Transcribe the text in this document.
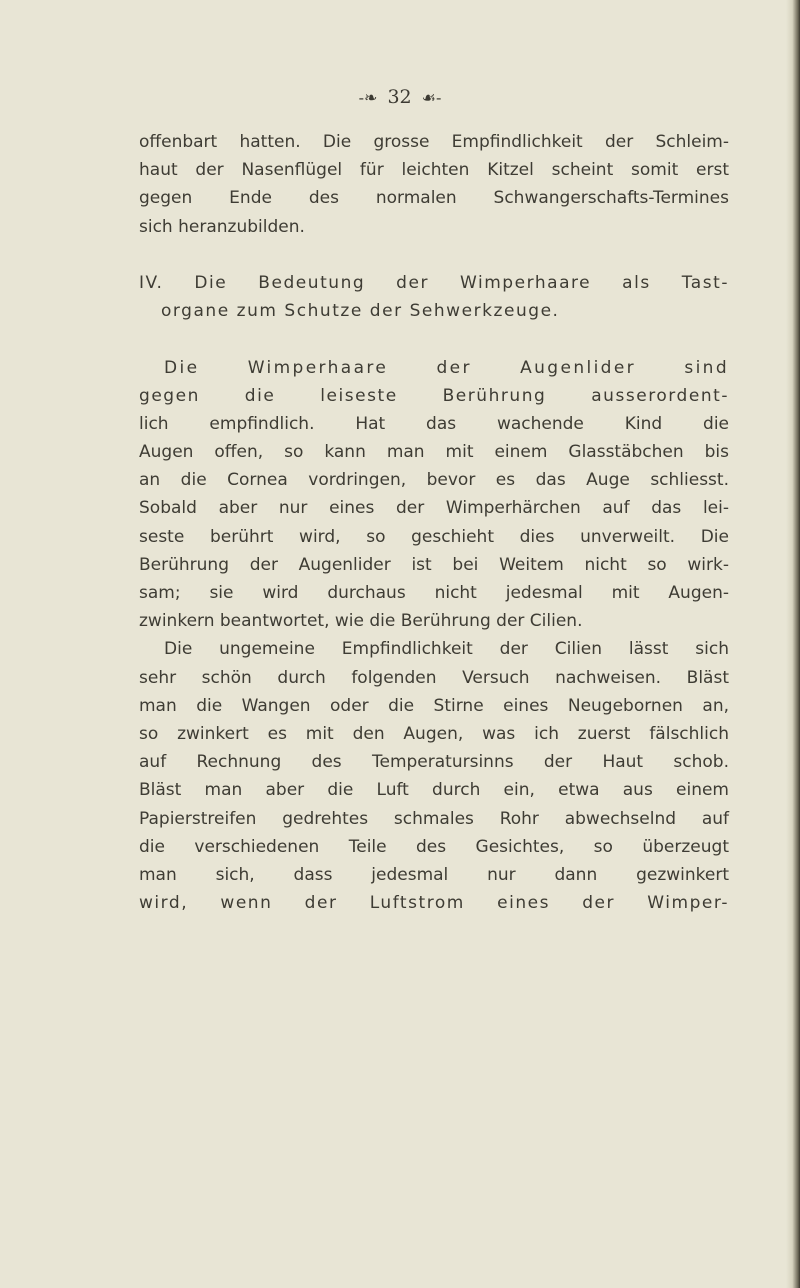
-❧ 32 ☙-
offenbart hatten. Die grosse Empfindlichkeit der Schleim-
haut der Nasenflügel für leichten Kitzel scheint somit erst
gegen Ende des normalen Schwangerschafts-Termines
sich heranzubilden.
IV. Die Bedeutung der Wimperhaare als Tast-
organe zum Schutze der Sehwerkzeuge.
Die Wimperhaare der Augenlider sind
gegen die leiseste Berührung ausserordent-
lich empfindlich. Hat das wachende Kind die
Augen offen, so kann man mit einem Glasstäbchen bis
an die Cornea vordringen, bevor es das Auge schliesst.
Sobald aber nur eines der Wimperhärchen auf das lei-
seste berührt wird, so geschieht dies unverweilt. Die
Berührung der Augenlider ist bei Weitem nicht so wirk-
sam; sie wird durchaus nicht jedesmal mit Augen-
zwinkern beantwortet, wie die Berührung der Cilien.
Die ungemeine Empfindlichkeit der Cilien lässt sich
sehr schön durch folgenden Versuch nachweisen. Bläst
man die Wangen oder die Stirne eines Neugebornen an,
so zwinkert es mit den Augen, was ich zuerst fälschlich
auf Rechnung des Temperatursinns der Haut schob.
Bläst man aber die Luft durch ein, etwa aus einem
Papierstreifen gedrehtes schmales Rohr abwechselnd auf
die verschiedenen Teile des Gesichtes, so überzeugt
man sich, dass jedesmal nur dann gezwinkert
wird, wenn der Luftstrom eines der Wimper-
